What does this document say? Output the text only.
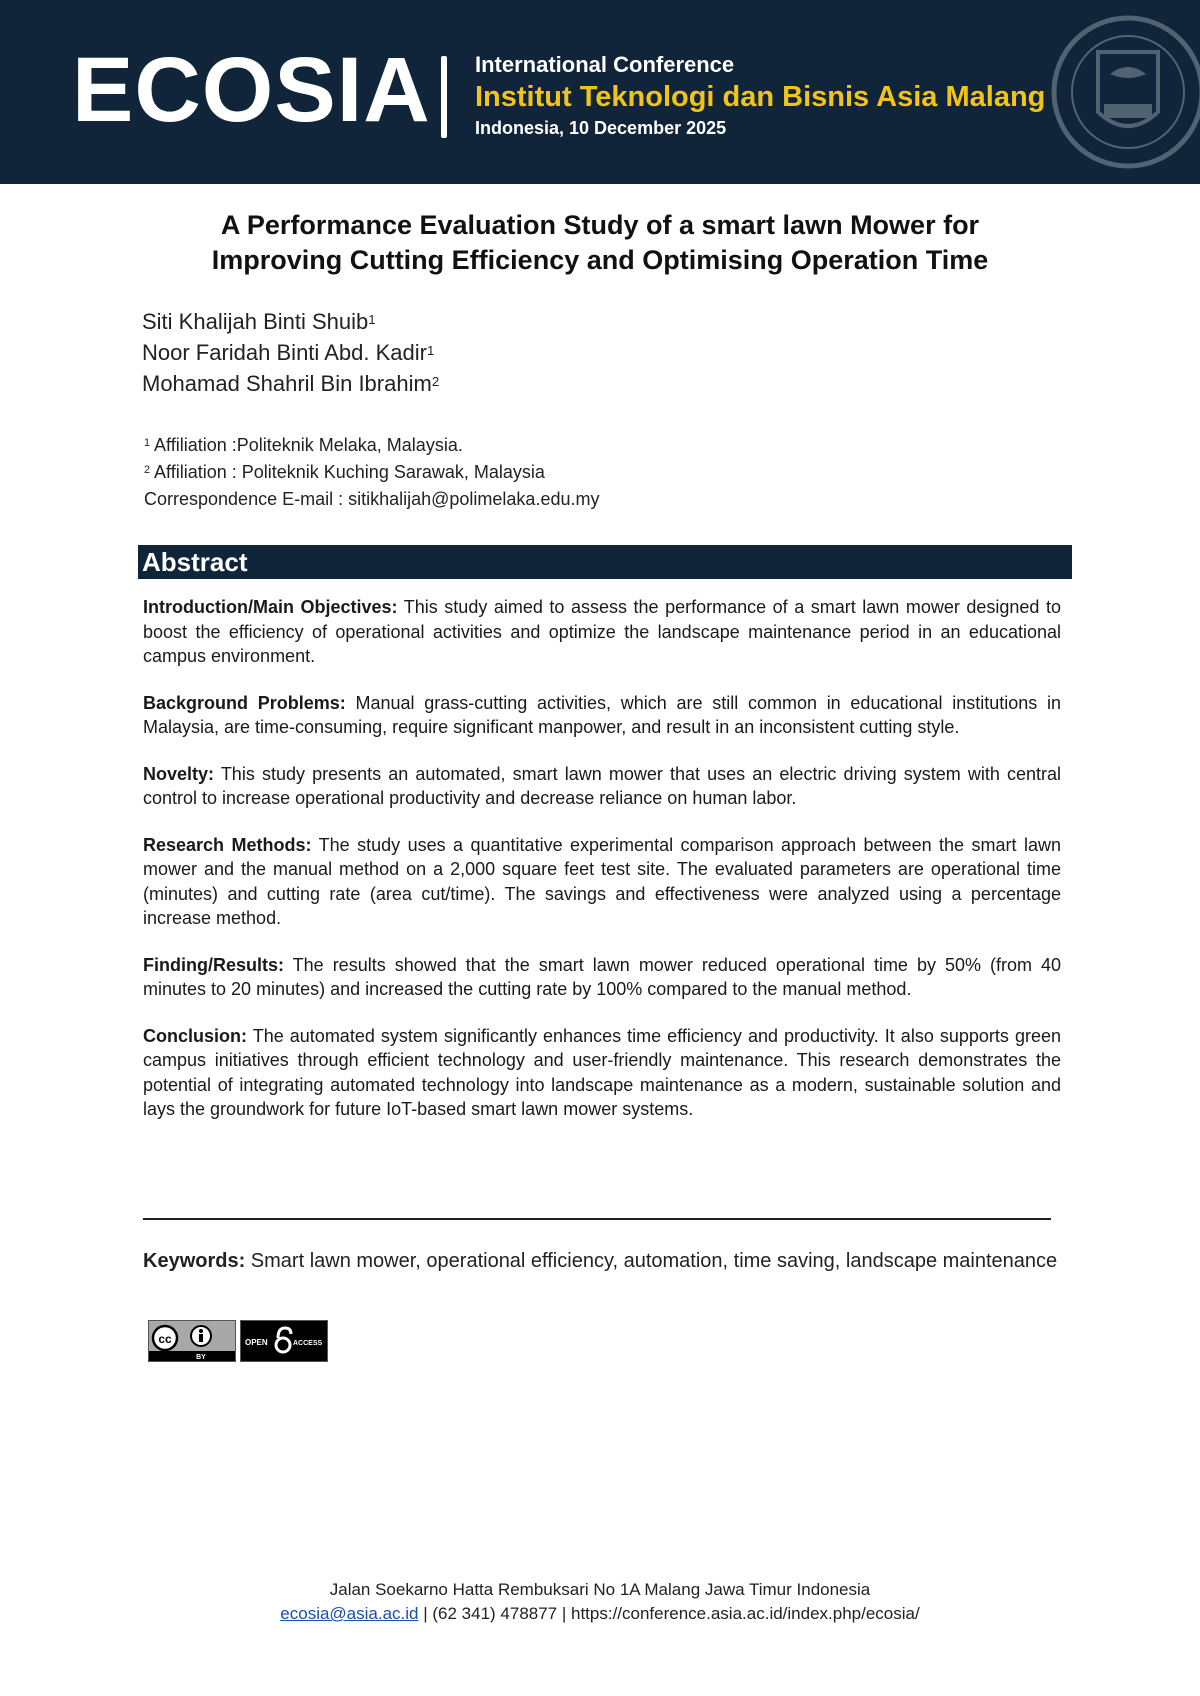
ECOSIA International Conference
Institut Teknologi dan Bisnis Asia Malang
Indonesia, 10 December 2025
A Performance Evaluation Study of a smart lawn Mower for
Improving Cutting Efficiency and Optimising Operation Time
Siti Khalijah Binti Shuib$^1$
Noor Faridah Binti Abd. Kadir$^1$
Mohamad Shahril Bin Ibrahim$^2$
$^1$ Affiliation :Politeknik Melaka, Malaysia.
$^2$ Affiliation : Politeknik Kuching Sarawak, Malaysia
Correspondence E-mail : sitikhalijah@polimelaka.edu.my
Abstract

Introduction/Main Objectives: This study aimed to assess the performance of a smart lawn mower designed to boost the efficiency of operational activities and optimize the landscape maintenance period in an educational campus environment.

Background Problems: Manual grass-cutting activities, which are still common in educational institutions in Malaysia, are time-consuming, require significant manpower, and result in an inconsistent cutting style.

Novelty: This study presents an automated, smart lawn mower that uses an electric driving system with central control to increase operational productivity and decrease reliance on human labor.

Research Methods: The study uses a quantitative experimental comparison approach between the smart lawn mower and the manual method on a 2,000 square feet test site. The evaluated parameters are operational time (minutes) and cutting rate (area cut/time). The savings and effectiveness were analyzed using a percentage increase method.

Finding/Results: The results showed that the smart lawn mower reduced operational time by 50% (from 40 minutes to 20 minutes) and increased the cutting rate by 100% compared to the manual method.

Conclusion: The automated system significantly enhances time efficiency and productivity. It also supports green campus initiatives through efficient technology and user-friendly maintenance. This research demonstrates the potential of integrating automated technology into landscape maintenance as a modern, sustainable solution and lays the groundwork for future IoT-based smart lawn mower systems.

Keywords: Smart lawn mower, operational efficiency, automation, time saving, landscape maintenance
cc
BY
OPEN	ACCESS
Jalan Soekarno Hatta Rembuksari No 1A Malang Jawa Timur Indonesia
ecosia@asia.ac.id | (62 341) 478877 | https://conference.asia.ac.id/index.php/ecosia/
